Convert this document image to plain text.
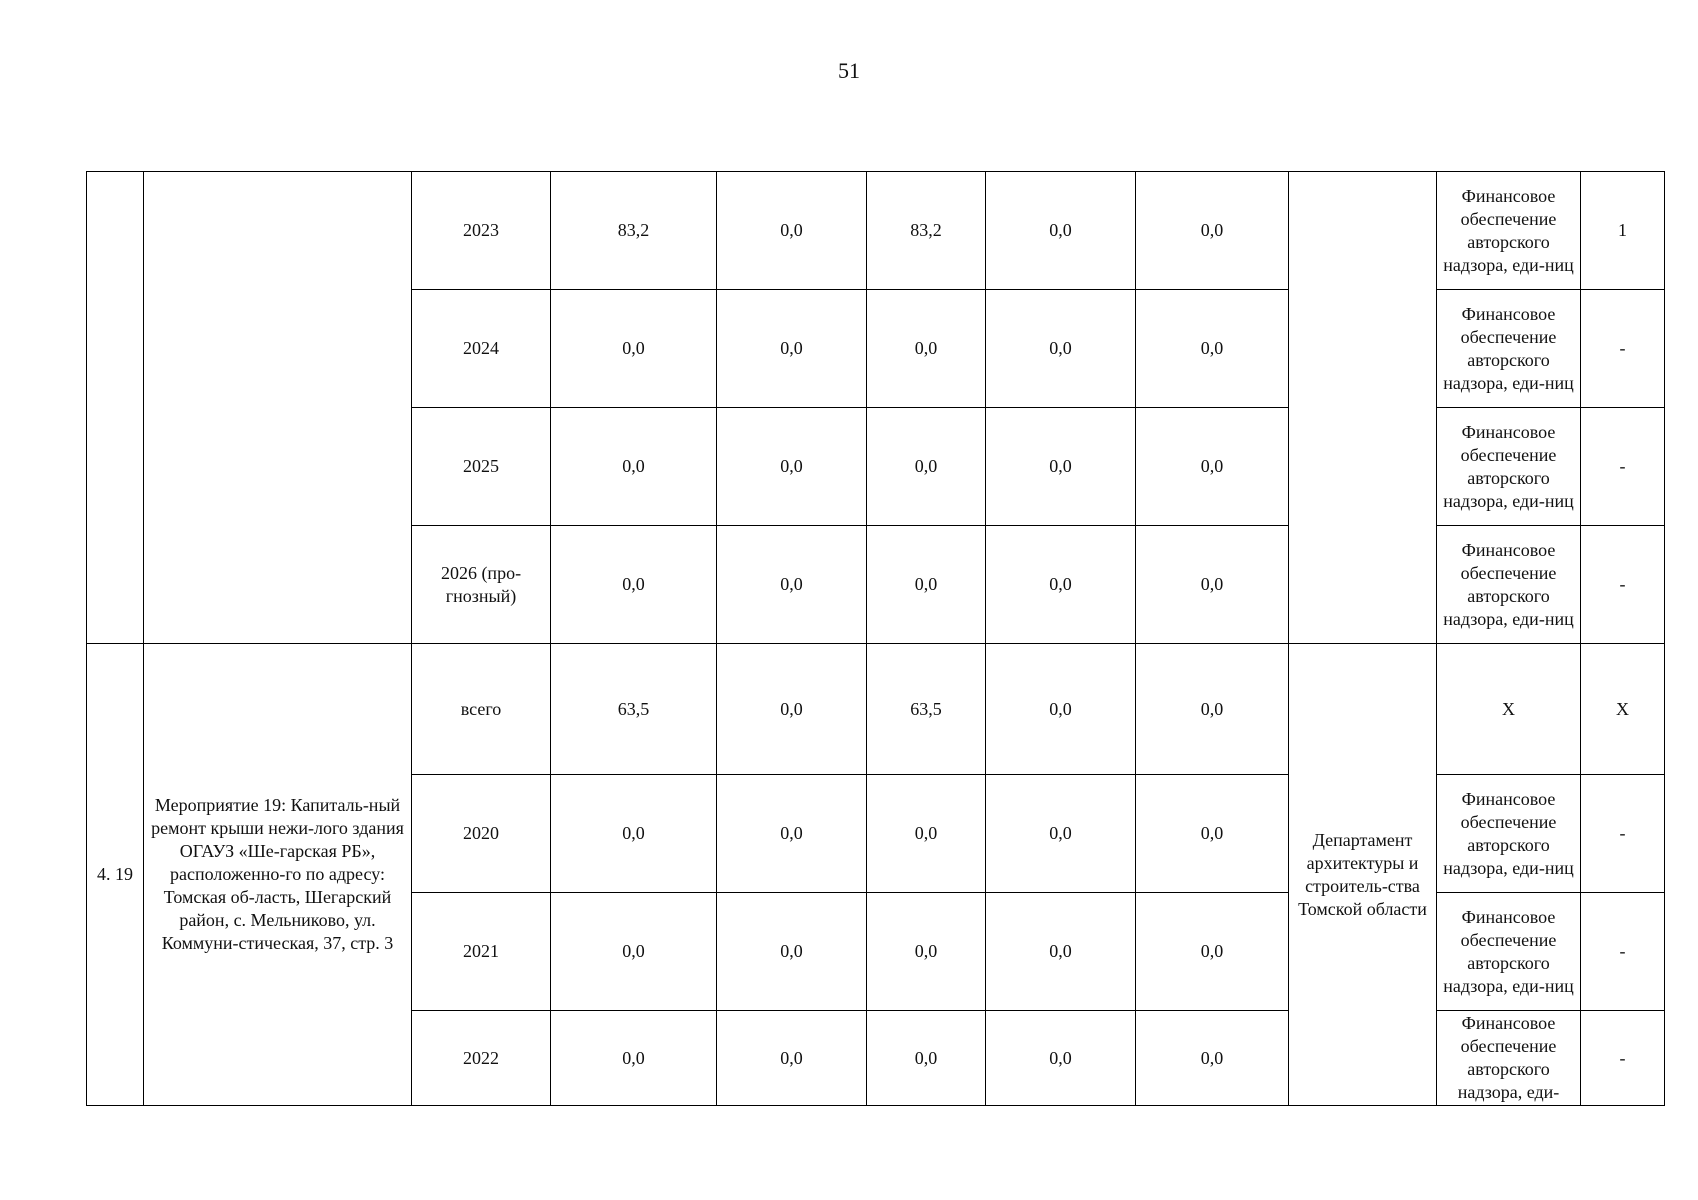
51
		2023	83,2	0,0	83,2	0,0	0,0		Финансовое обеспечение авторского надзора, еди-ниц	1
		2024	0,0	0,0	0,0	0,0	0,0		Финансовое обеспечение авторского надзора, еди-ниц	-
		2025	0,0	0,0	0,0	0,0	0,0		Финансовое обеспечение авторского надзора, еди-ниц	-
		2026 (про-гнозный)	0,0	0,0	0,0	0,0	0,0		Финансовое обеспечение авторского надзора, еди-ниц	-
4. 19	Мероприятие 19: Капиталь-ный ремонт крыши нежи-лого здания ОГАУЗ «Ше-гарская РБ», расположенно-го по адресу: Томская об-ласть, Шегарский район, с. Мельниково, ул. Коммуни-стическая, 37, стр. 3	всего	63,5	0,0	63,5	0,0	0,0	Департамент архитектуры и строитель-ства Томской области	X	X
		2020	0,0	0,0	0,0	0,0	0,0		Финансовое обеспечение авторского надзора, еди-ниц	-
		2021	0,0	0,0	0,0	0,0	0,0		Финансовое обеспечение авторского надзора, еди-ниц	-
		2022	0,0	0,0	0,0	0,0	0,0		Финансовое обеспечение авторского надзора, еди-	-
